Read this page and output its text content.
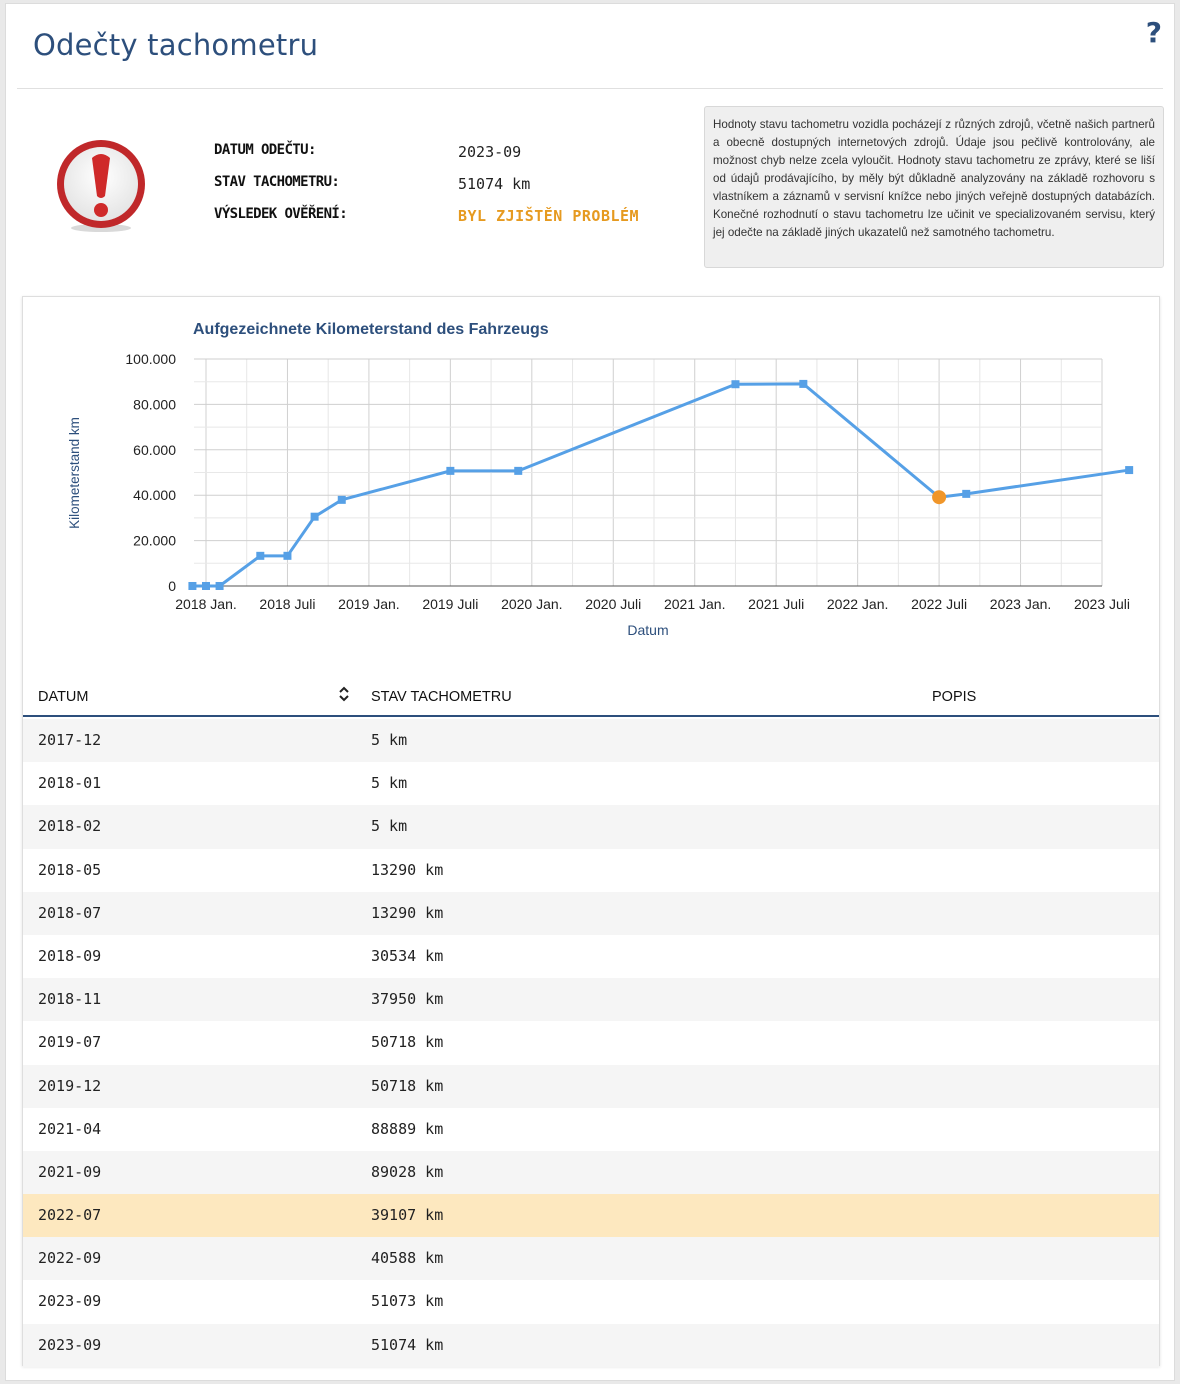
Odečty tachometru	?
DATUM ODEČTU:	2023-09
STAV TACHOMETRU:	51074 km
VÝSLEDEK OVĚŘENÍ:	BYL ZJIŠTĚN PROBLÉM
Hodnoty stavu tachometru vozidla pocházejí z různých zdrojů, včetně našich partnerů a obecně dostupných internetových zdrojů. Údaje jsou pečlivě kontrolovány, ale možnost chyb nelze zcela vyloučit. Hodnoty stavu tachometru ze zprávy, které se liší od údajů prodávajícího, by měly být důkladně analyzovány na základě rozhovoru s vlastníkem a záznamů v servisní knížce nebo jiných veřejně dostupných databázích. Konečné rozhodnutí o stavu tachometru lze učinit ve specializovaném servisu, který jej odečte na základě jiných ukazatelů než samotného tachometru.
Aufgezeichnete Kilometerstand des Fahrzeugs
Kilometerstand km
Datum
0
20.000
40.000
60.000
80.000
100.000
2018 Jan. 2018 Juli 2019 Jan. 2019 Juli 2020 Jan. 2020 Juli 2021 Jan. 2021 Juli 2022 Jan. 2022 Juli 2023 Jan. 2023 Juli
DATUM	STAV TACHOMETRU	POPIS
2017-12	5 km
2018-01	5 km
2018-02	5 km
2018-05	13290 km
2018-07	13290 km
2018-09	30534 km
2018-11	37950 km
2019-07	50718 km
2019-12	50718 km
2021-04	88889 km
2021-09	89028 km
2022-07	39107 km
2022-09	40588 km
2023-09	51073 km
2023-09	51074 km
